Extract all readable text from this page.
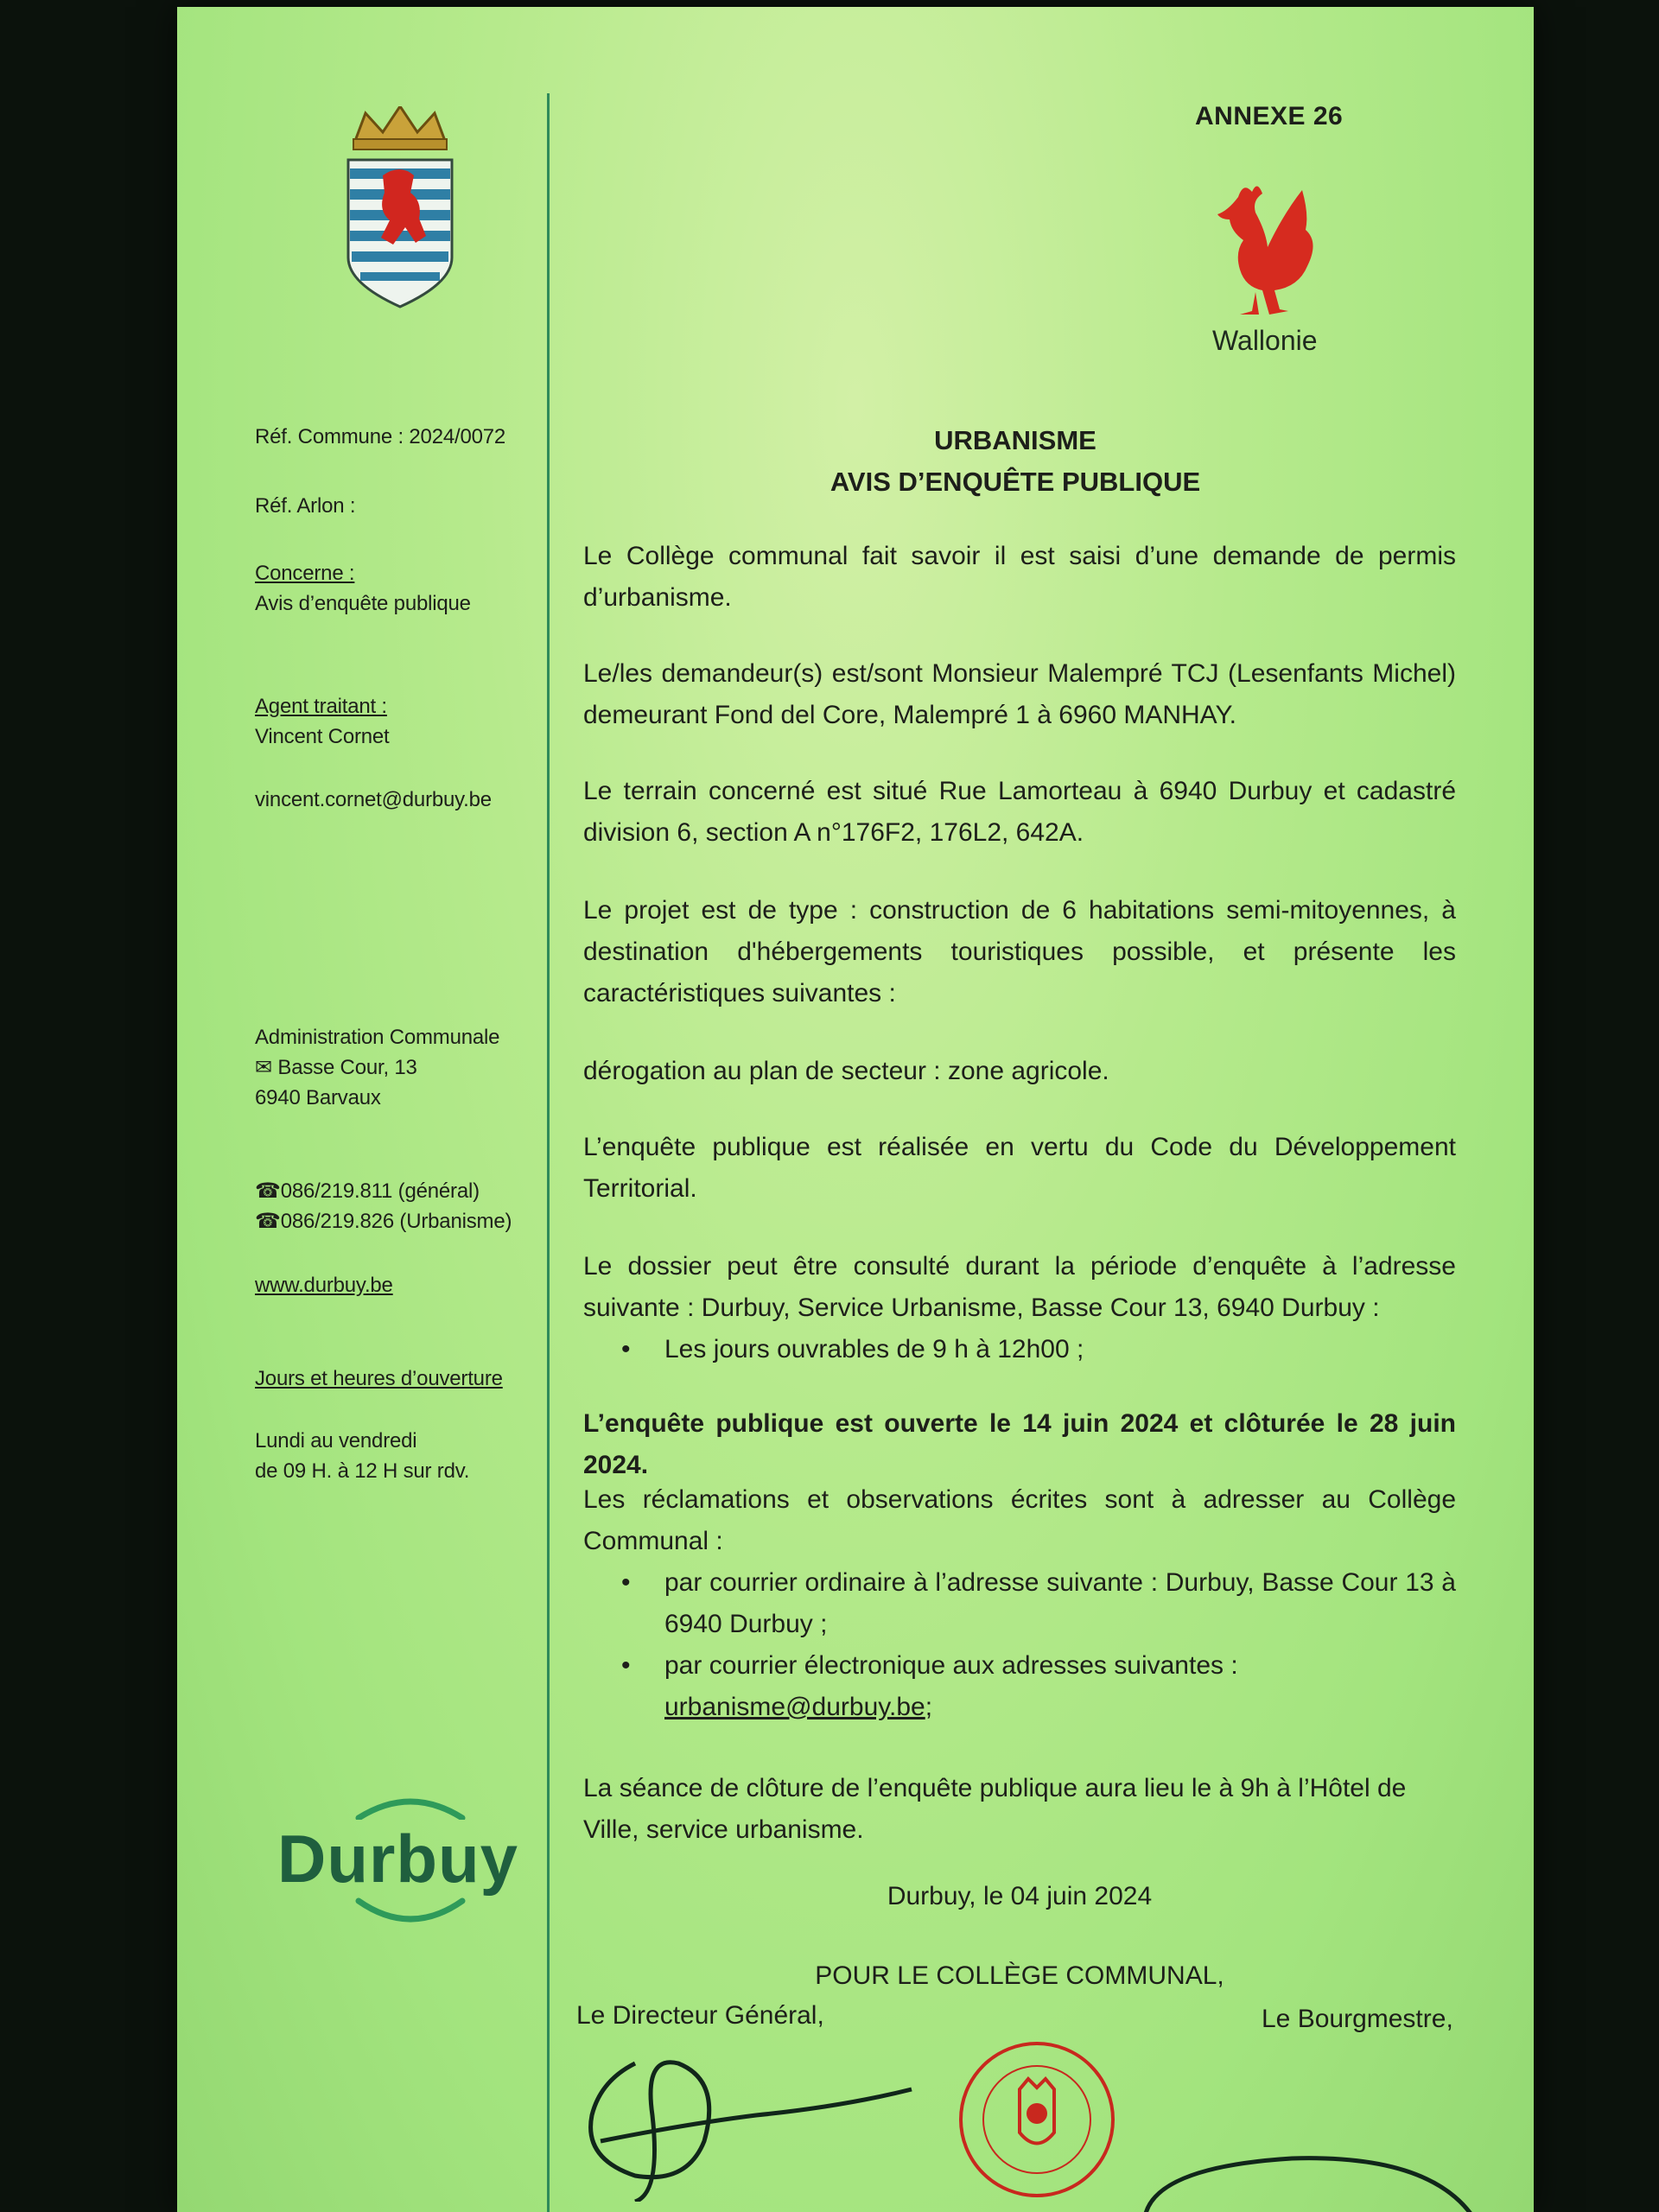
ANNEXE 26
Wallonie
Réf. Commune : 2024/0072
Réf. Arlon :
Concerne :
Avis d’enquête publique
Agent traitant :
Vincent Cornet
vincent.cornet@durbuy.be
Administration Communale
✉ Basse Cour, 13
6940 Barvaux
☎086/219.811 (général)
☎086/219.826 (Urbanisme)
www.durbuy.be
Jours et heures d’ouverture
Lundi au vendredi
de 09 H. à 12 H sur rdv.
Durbuy
URBANISME
AVIS D’ENQUÊTE PUBLIQUE
Le Collège communal fait savoir il est saisi d’une demande de permis d’urbanisme.
Le/les demandeur(s) est/sont Monsieur Malempré TCJ (Lesenfants Michel) demeurant Fond del Core, Malempré 1 à 6960 MANHAY.
Le terrain concerné est situé Rue Lamorteau à 6940 Durbuy et cadastré division 6, section A n°176F2, 176L2, 642A.
Le projet est de type : construction de 6 habitations semi-mitoyennes, à destination d'hébergements touristiques possible, et présente les caractéristiques suivantes :
dérogation au plan de secteur : zone agricole.
L’enquête publique est réalisée en vertu du Code du Développement Territorial.

Le dossier peut être consulté durant la période d’enquête à l’adresse suivante : Durbuy, Service Urbanisme, Basse Cour 13, 6940 Durbuy :

• Les jours ouvrables de 9 h à 12h00 ;
L’enquête publique est ouverte le 14 juin 2024 et clôturée le 28 juin 2024.

Les réclamations et observations écrites sont à adresser au Collège Communal :

• par courrier ordinaire à l’adresse suivante : Durbuy, Basse Cour 13 à 6940 Durbuy ;
• par courrier électronique aux adresses suivantes :
urbanisme@durbuy.be;
La séance de clôture de l’enquête publique aura lieu le à 9h à l’Hôtel de Ville, service urbanisme.
Durbuy, le 04 juin 2024
POUR LE COLLÈGE COMMUNAL,
Le Directeur Général,	Le Bourgmestre,
